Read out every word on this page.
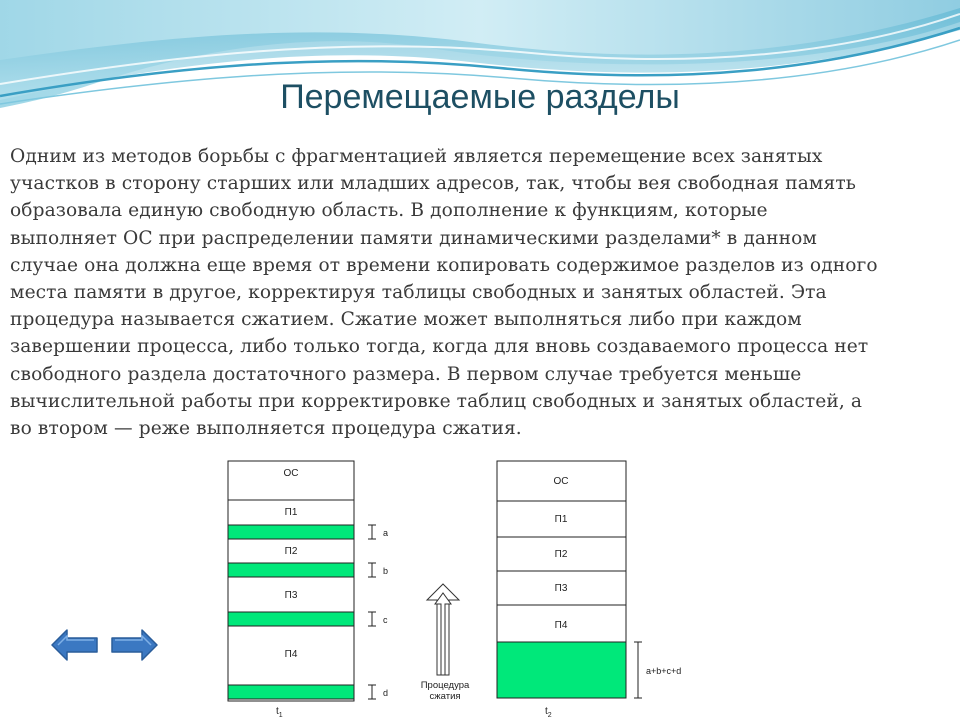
Перемещаемые разделы
Одним из методов борьбы с фрагментацией является перемещение всех занятых
участков в сторону старших или младших адресов, так, чтобы вея свободная память
образовала единую свободную область. В дополнение к функциям, которые
выполняет ОС при распределении памяти динамическими разделами* в данном
случае она должна еще время от времени копировать содержимое разделов из одного
места памяти в другое, корректируя таблицы свободных и занятых областей. Эта
процедура называется сжатием. Сжатие может выполняться либо при каждом
завершении процесса, либо только тогда, когда для вновь создаваемого процесса нет
свободного раздела достаточного размера. В первом случае требуется меньше
вычислительной работы при корректировке таблиц свободных и занятых областей, а
во втором — реже выполняется процедура сжатия.
ОС
П1
П2
П3
П4
a
b
c
d
$t_1$
Процедура
сжатия
ОС
П1
П2
П3
П4
a+b+c+d
$t_2$
